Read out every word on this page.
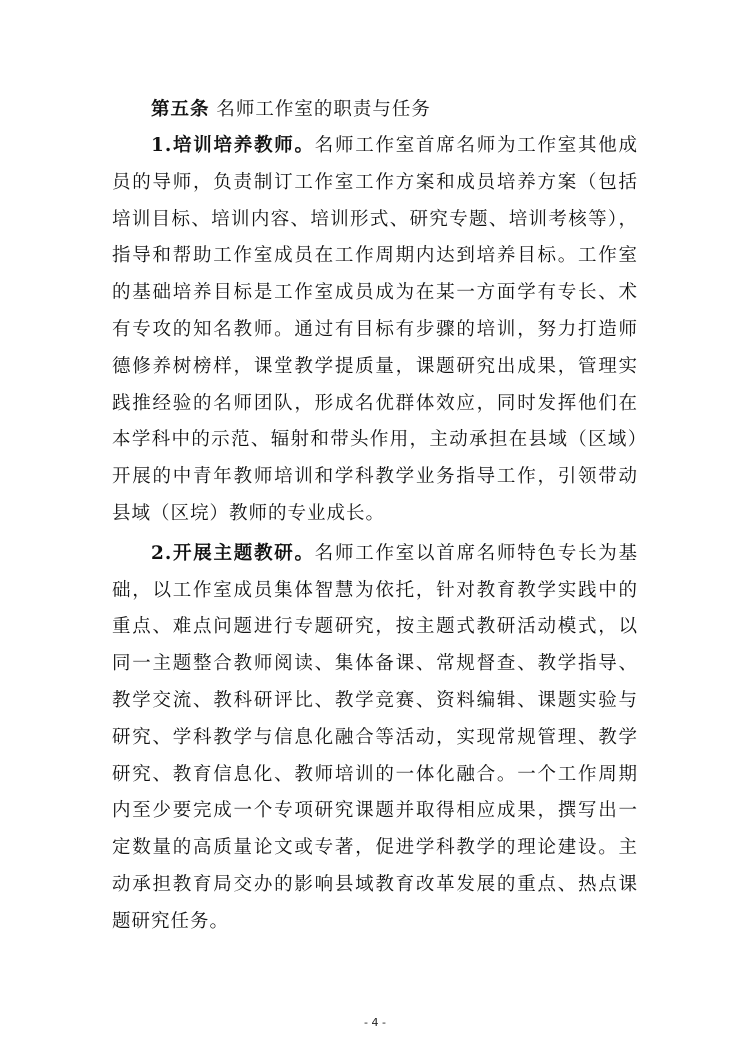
第五条 名师工作室的职责与任务

1.培训培养教师。名师工作室首席名师为工作室其他成员的导师，负责制订工作室工作方案和成员培养方案（包括培训目标、培训内容、培训形式、研究专题、培训考核等），指导和帮助工作室成员在工作周期内达到培养目标。工作室的基础培养目标是工作室成员成为在某一方面学有专长、术有专攻的知名教师。通过有目标有步骤的培训，努力打造师德修养树榜样，课堂教学提质量，课题研究出成果，管理实践推经验的名师团队，形成名优群体效应，同时发挥他们在本学科中的示范、辐射和带头作用，主动承担在县域（区域）开展的中青年教师培训和学科教学业务指导工作，引领带动县域（区垸）教师的专业成长。

2.开展主题教研。名师工作室以首席名师特色专长为基础，以工作室成员集体智慧为依托，针对教育教学实践中的重点、难点问题进行专题研究，按主题式教研活动模式，以同一主题整合教师阅读、集体备课、常规督查、教学指导、教学交流、教科研评比、教学竞赛、资料编辑、课题实验与研究、学科教学与信息化融合等活动，实现常规管理、教学研究、教育信息化、教师培训的一体化融合。一个工作周期内至少要完成一个专项研究课题并取得相应成果，撰写出一定数量的高质量论文或专著，促进学科教学的理论建设。主动承担教育局交办的影响县域教育改革发展的重点、热点课题研究任务。

- 4 -
